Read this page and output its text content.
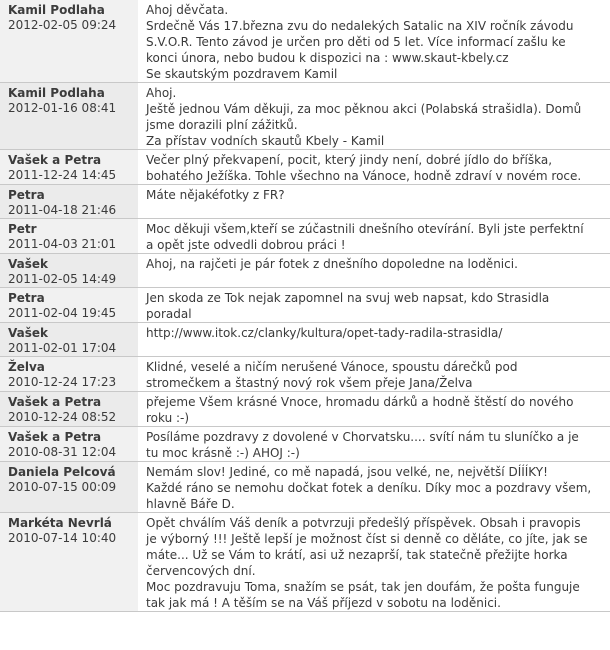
Kamil Podlaha
2012-02-05 09:24
Ahoj děvčata.
Srdečně Vás 17.března zvu do nedalekých Satalic na XIV ročník závodu
S.V.O.R. Tento závod je určen pro děti od 5 let. Více informací zašlu ke
konci února, nebo budou k dispozici na : www.skaut-kbely.cz
Se skautským pozdravem Kamil
Kamil Podlaha
2012-01-16 08:41
Ahoj.
Ještě jednou Vám děkuji, za moc pěknou akci (Polabská strašidla). Domů
jsme dorazili plní zážitků.
Za přístav vodních skautů Kbely - Kamil
Vašek a Petra
2011-12-24 14:45
Večer plný překvapení, pocit, který jindy není, dobré jídlo do bříška,
bohatého Ježíška. Tohle všechno na Vánoce, hodně zdraví v novém roce.
Petra
2011-04-18 21:46
Máte nějakéfotky z FR?
Petr
2011-04-03 21:01
Moc děkuji všem,kteří se zúčastnili dnešního otevírání. Byli jste perfektní
a opět jste odvedli dobrou práci !
Vašek
2011-02-05 14:49
Ahoj, na rajčeti je pár fotek z dnešního dopoledne na loděnici.
Petra
2011-02-04 19:45
Jen skoda ze Tok nejak zapomnel na svuj web napsat, kdo Strasidla
poradal
Vašek
2011-02-01 17:04
http://www.itok.cz/clanky/kultura/opet-tady-radila-strasidla/
Želva
2010-12-24 17:23
Klidné, veselé a ničím nerušené Vánoce, spoustu dárečků pod
stromečkem a štastný nový rok všem přeje Jana/Želva
Vašek a Petra
2010-12-24 08:52
přejeme Všem krásné Vnoce, hromadu dárků a hodně štěstí do nového
roku :-)
Vašek a Petra
2010-08-31 12:04
Posíláme pozdravy z dovolené v Chorvatsku.... svítí nám tu sluníčko a je
tu moc krásně :-) AHOJ :-)
Daniela Pelcová
2010-07-15 00:09
Nemám slov! Jediné, co mě napadá, jsou velké, ne, největší DÍÍÍKY!
Každé ráno se nemohu dočkat fotek a deníku. Díky moc a pozdravy všem,
hlavně Báře D.
Markéta Nevrlá
2010-07-14 10:40
Opět chválím Váš deník a potvrzuji předešlý příspěvek. Obsah i pravopis
je výborný !!! Ještě lepší je možnost číst si denně co děláte, co jíte, jak se
máte... Už se Vám to krátí, asi už nezaprší, tak statečně přežijte horka
červencových dní.
Moc pozdravuju Toma, snažím se psát, tak jen doufám, že pošta funguje
tak jak má ! A těším se na Váš příjezd v sobotu na loděnici.
